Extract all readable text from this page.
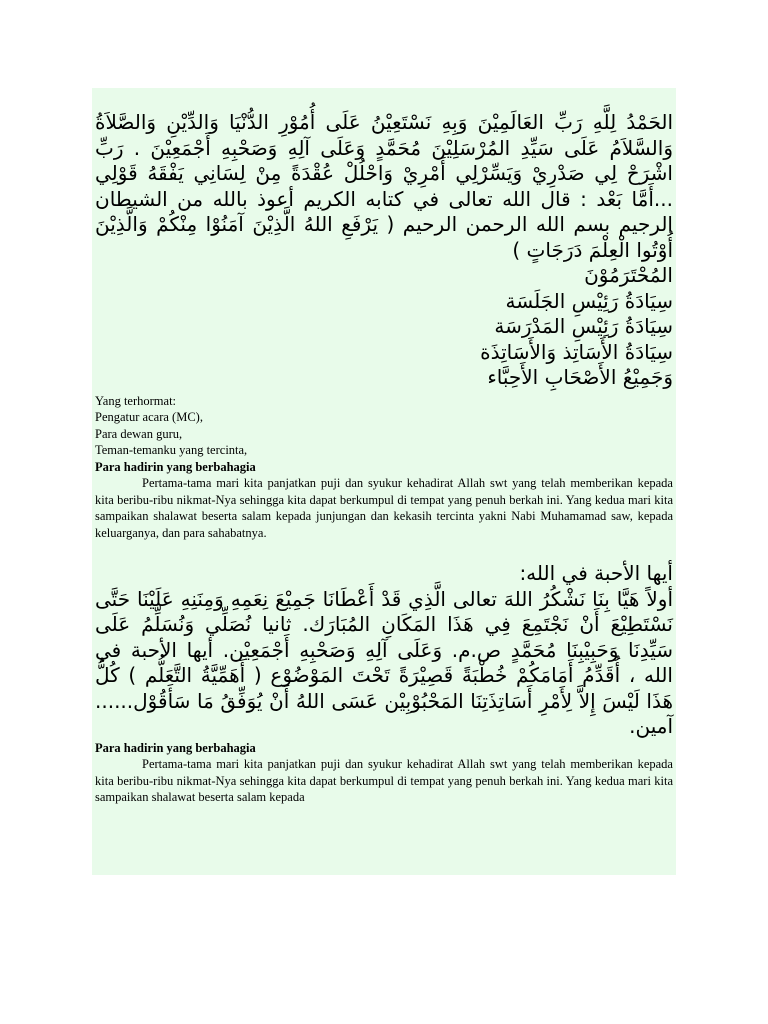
الحَمْدُ لِلَّهِ رَبِّ العَالَمِيْنَ وَبِهِ نَسْتَعِيْنُ عَلَى أُمُوْرِ الدُّنْيَا وَالدِّيْنِ وَالصَّلاَةُ وَالسَّلاَمُ عَلَى سَيِّدِ المُرْسَلِيْنَ مُحَمَّدٍ وَعَلَى آلِهِ وَصَحْبِهِ أَجْمَعِيْنَ . رَبِّ اشْرَحْ لِي صَدْرِيْ وَيَسِّرْلِي أَمْرِيْ وَاحْلُلْ عُقْدَةً مِنْ لِسَانِي يَفْقَهُ قَوْلِي ...أَمَّا بَعْد : قال الله تعالى في كتابه الكريم أعوذ بالله من الشيطان الرجيم بسم الله الرحمن الرحيم ( يَرْفَعِ اللهُ الَّذِيْنَ آمَنُوْا مِنْكُمْ وَالَّذِيْنَ أُوْتُوا الْعِلْمَ دَرَجَاتٍ )

المُحْتَرَمُوْنَ

سِيَادَةُ رَئِيْسِ الجَلَسَة

سِيَادَةُ رَئِيْسِ المَدْرَسَة

سِيَادَةُ الأَسَاتِذ وَالأَسَاتِذَة

وَجَمِيْعُ الأَصْحَابِ الأَحِبَّاء

Yang terhormat:

Pengatur acara (MC),

Para dewan guru,

Teman-temanku yang tercinta,

Para hadirin yang berbahagia

Pertama-tama mari kita panjatkan puji dan syukur kehadirat Allah swt yang telah memberikan kepada kita beribu-ribu nikmat-Nya sehingga kita dapat berkumpul di tempat yang penuh berkah ini. Yang kedua mari kita sampaikan shalawat beserta salam kepada junjungan dan kekasih tercinta yakni Nabi Muhamamad saw, kepada keluarganya, dan para sahabatnya.

أيها الأحبة في الله:

أولاً هَيَّا بِنَا نَشْكُرُ اللهَ تعالى الَّذِي قَدْ أَعْطَانَا جَمِيْعَ نِعَمِهِ وَمِنَنِهِ عَلَيْنَا حَتَّى نَسْتَطِيْعَ أَنْ نَجْتَمِعَ فِي هَذَا المَكَانِ المُبَارَك. ثانيا نُصَلِّي وَنُسَلِّمُ عَلَى سَيِّدِنَا وَحَبِيْبِنَا مُحَمَّدٍ ص.م. وَعَلَى آلِهِ وَصَحْبِهِ أَجْمَعِيْن. أيها الأحبة في الله ، أُقَدِّمُ أَمَامَكُمْ خُطْبَةً قَصِيْرَةً تَحْتَ المَوْضُوْع ( أَهَمِّيَّةُ التَّعَلُّم ) كُلُّ هَذَا لَيْسَ إِلاَّ لِأَمْرِ أَسَاتِذَتِنَا المَحْبُوْبِيْن عَسَى اللهُ أَنْ يُوَفِّقُ مَا سَأَقُوْل...... آمين.

Para hadirin yang berbahagia

Pertama-tama mari kita panjatkan puji dan syukur kehadirat Allah swt yang telah memberikan kepada kita beribu-ribu nikmat-Nya sehingga kita dapat berkumpul di tempat yang penuh berkah ini. Yang kedua mari kita sampaikan shalawat beserta salam kepada
